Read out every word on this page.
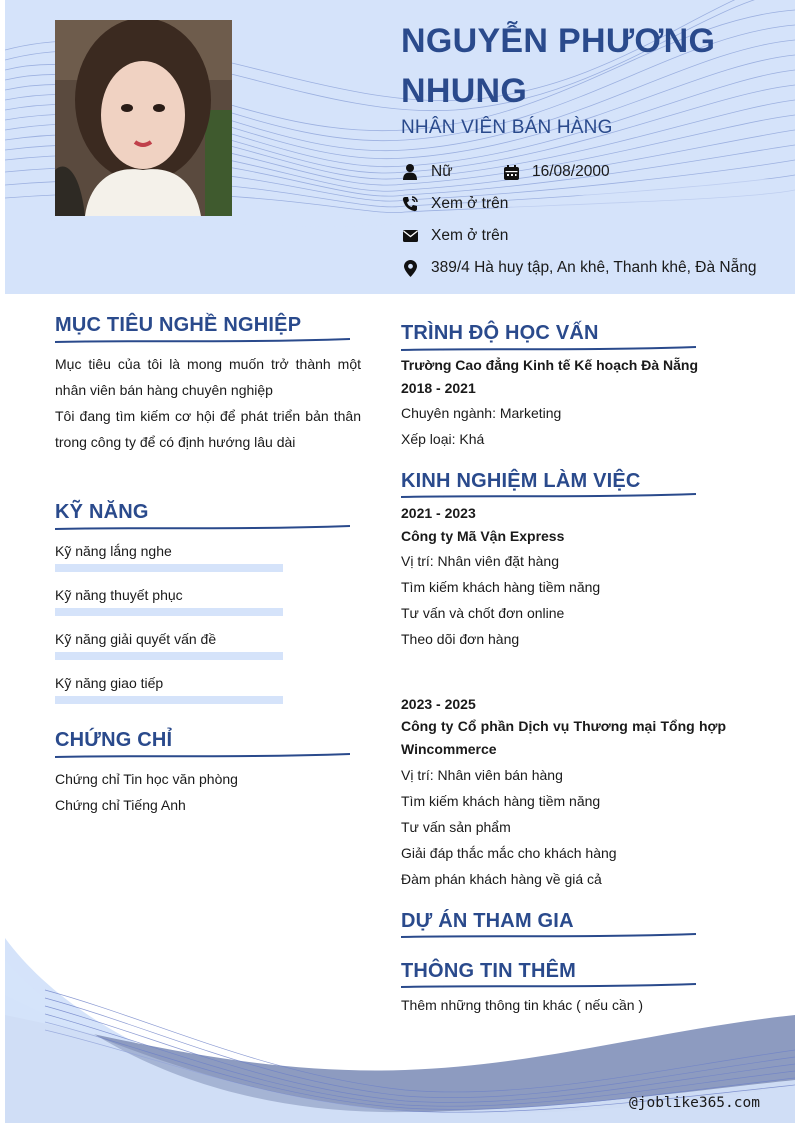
NGUYỄN PHƯƠNG NHUNG
NHÂN VIÊN BÁN HÀNG
Nữ	16/08/2000
Xem ở trên
Xem ở trên
389/4 Hà huy tập, An khê, Thanh khê, Đà Nẵng
MỤC TIÊU NGHỀ NGHIỆP
Mục tiêu của tôi là mong muốn trở thành một nhân viên bán hàng chuyên nghiệp
Tôi đang tìm kiếm cơ hội để phát triển bản thân trong công ty để có định hướng lâu dài
KỸ NĂNG
Kỹ năng lắng nghe
Kỹ năng thuyết phục
Kỹ năng giải quyết vấn đề
Kỹ năng giao tiếp
CHỨNG CHỈ
Chứng chỉ Tin học văn phòng
Chứng chỉ Tiếng Anh
TRÌNH ĐỘ HỌC VẤN
Trường Cao đẳng Kinh tế Kế hoạch Đà Nẵng
2018 - 2021
Chuyên ngành: Marketing
Xếp loại: Khá
KINH NGHIỆM LÀM VIỆC
2021 - 2023
Công ty Mã Vận Express
Vị trí: Nhân viên đặt hàng
Tìm kiếm khách hàng tiềm năng
Tư vấn và chốt đơn online
Theo dõi đơn hàng
2023 - 2025
Công ty Cổ phần Dịch vụ Thương mại Tổng hợp Wincommerce
Vị trí: Nhân viên bán hàng
Tìm kiếm khách hàng tiềm năng
Tư vấn sản phẩm
Giải đáp thắc mắc cho khách hàng
Đàm phán khách hàng về giá cả
DỰ ÁN THAM GIA
THÔNG TIN THÊM
Thêm những thông tin khác ( nếu cần )
@joblike365.com
